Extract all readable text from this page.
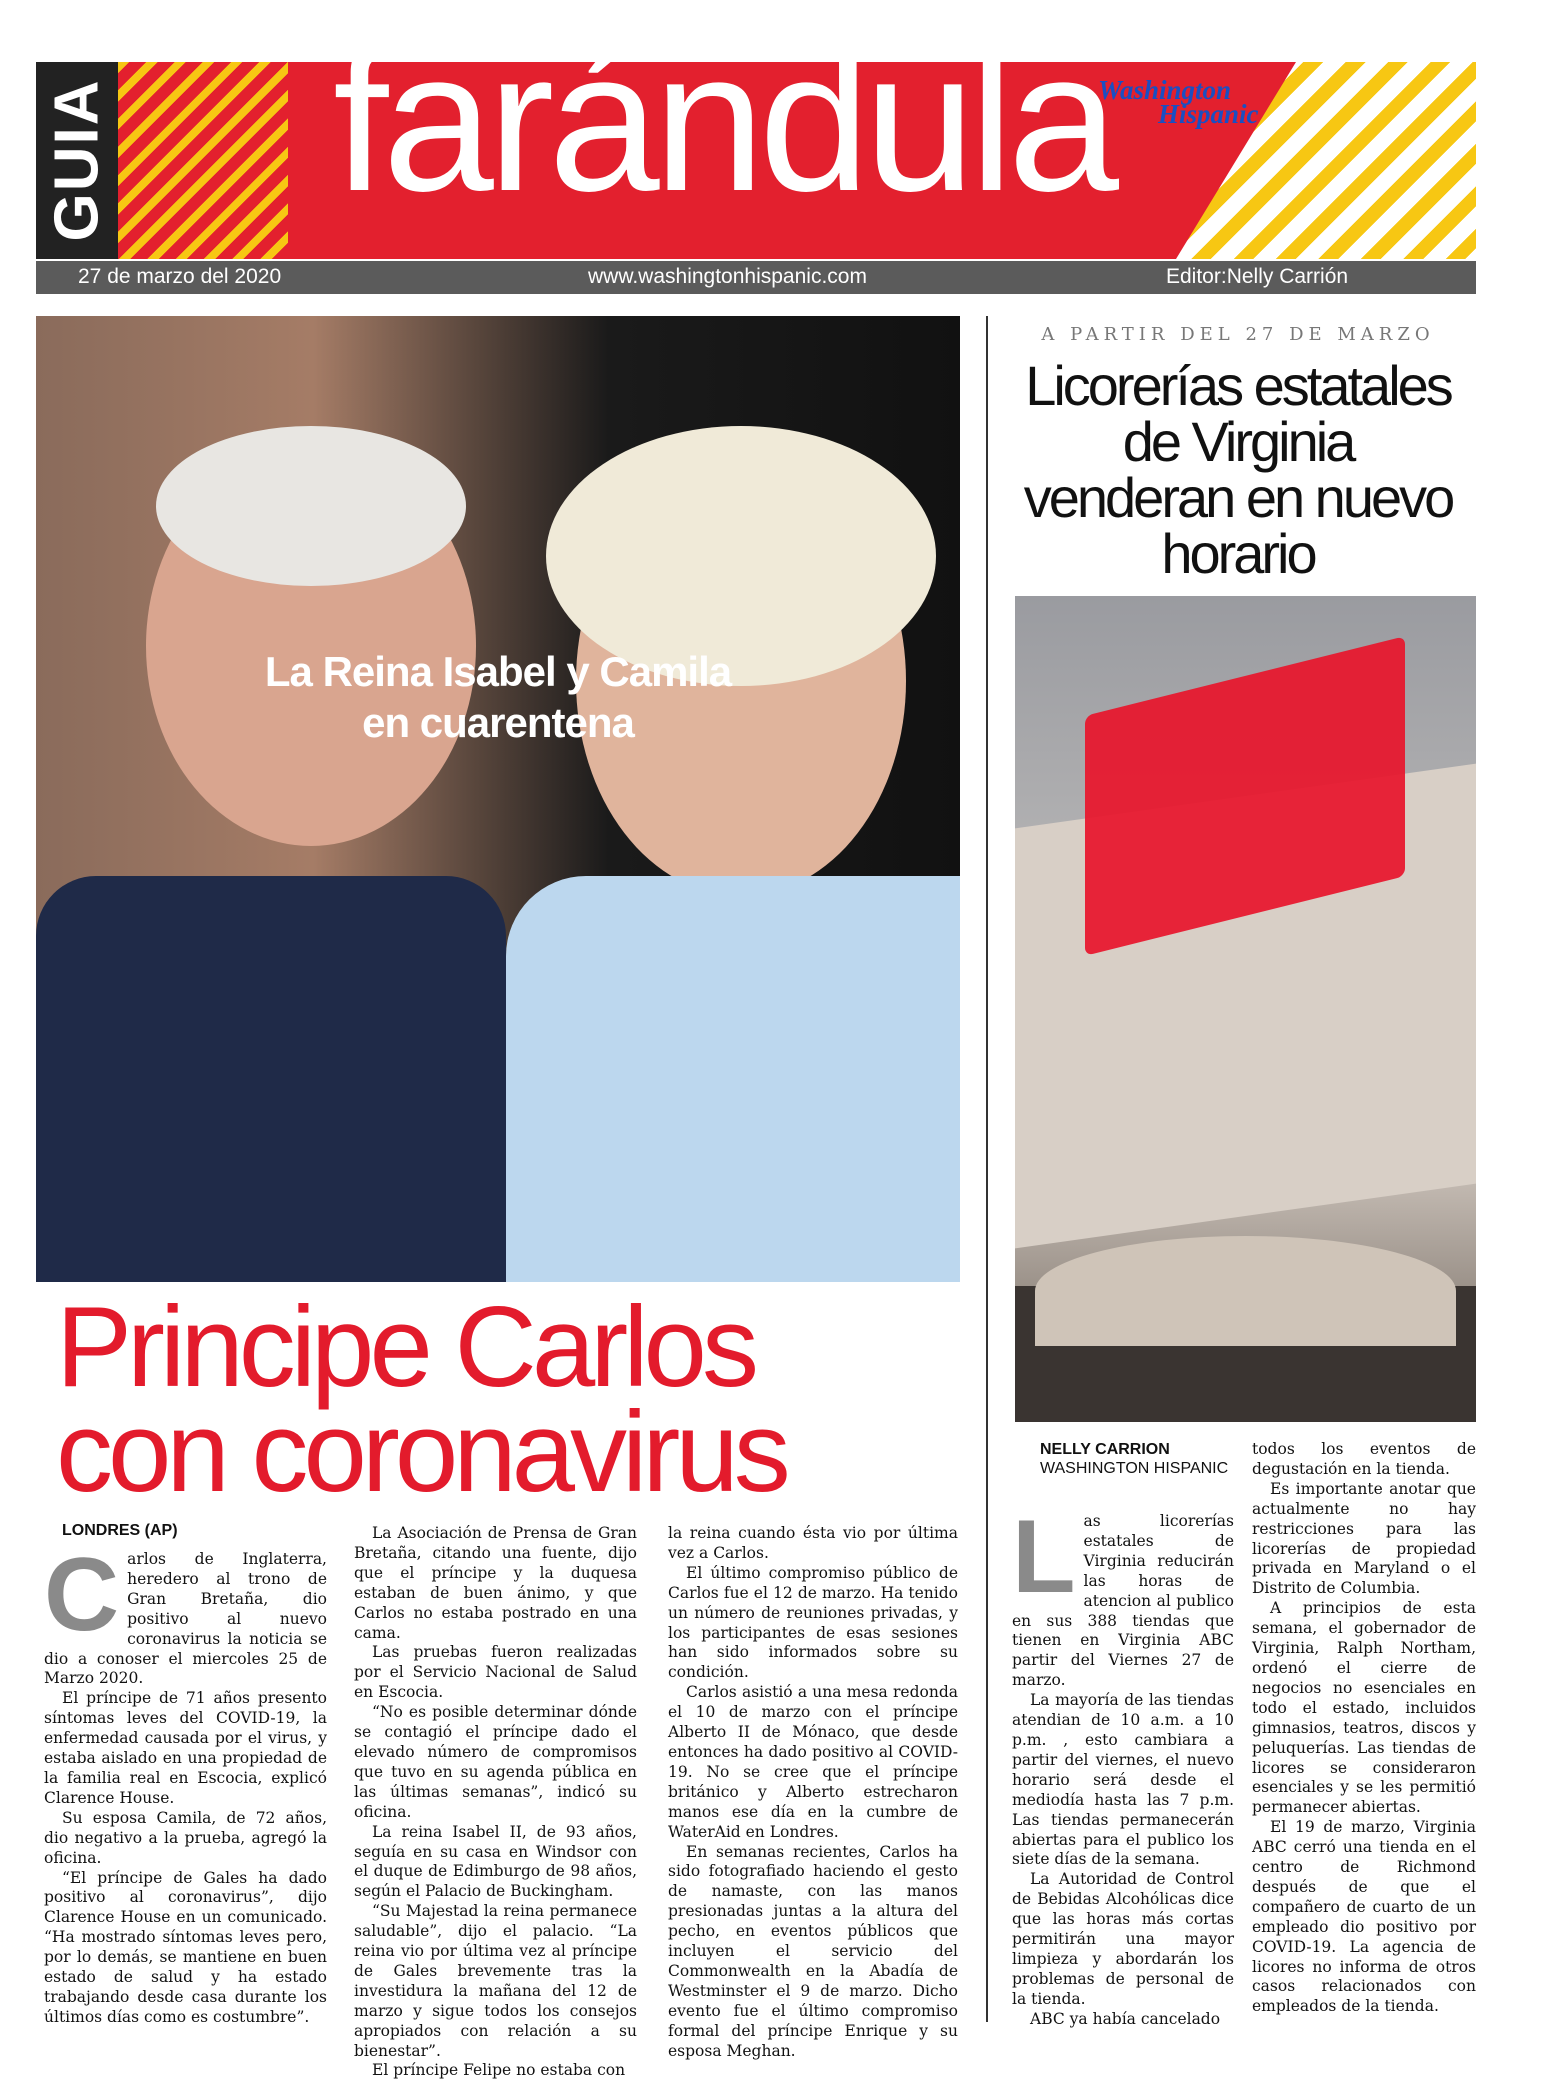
GUIA farándula
Washington
Hispanic
27 de marzo del 2020	www.washingtonhispanic.com	Editor:Nelly Carrión
La Reina Isabel y Camila
en cuarentena
Principe Carlos
con coronavirus
LONDRES (AP)

Carlos de Inglaterra, heredero al trono de Gran Bretaña, dio positivo al nuevo coronavirus la noticia se dio a conoser el miercoles 25 de Marzo 2020.

El príncipe de 71 años presento síntomas leves del COVID-19, la enfermedad causada por el virus, y estaba aislado en una propiedad de la familia real en Escocia, explicó Clarence House.

Su esposa Camila, de 72 años, dio negativo a la prueba, agregó la oficina.

“El príncipe de Gales ha dado positivo al coronavirus”, dijo Clarence House en un comunicado. “Ha mostrado síntomas leves pero, por lo demás, se mantiene en buen estado de salud y ha estado trabajando desde casa durante los últimos días como es costumbre”.

La Asociación de Prensa de Gran Bretaña, citando una fuente, dijo que el príncipe y la duquesa estaban de buen ánimo, y que Carlos no estaba postrado en una cama.

Las pruebas fueron realizadas por el Servicio Nacional de Salud en Escocia.

“No es posible determinar dónde se contagió el príncipe dado el elevado número de compromisos que tuvo en su agenda pública en las últimas semanas”, indicó su oficina.

La reina Isabel II, de 93 años, seguía en su casa en Windsor con el duque de Edimburgo de 98 años, según el Palacio de Buckingham.

“Su Majestad la reina permanece saludable”, dijo el palacio. “La reina vio por última vez al príncipe de Gales brevemente tras la investidura la mañana del 12 de marzo y sigue todos los consejos apropiados con relación a su bienestar”.

El príncipe Felipe no estaba con

la reina cuando ésta vio por última vez a Carlos.

El último compromiso público de Carlos fue el 12 de marzo. Ha tenido un número de reuniones privadas, y los participantes de esas sesiones han sido informados sobre su condición.

Carlos asistió a una mesa redonda el 10 de marzo con el príncipe Alberto II de Mónaco, que desde entonces ha dado positivo al COVID-19. No se cree que el príncipe británico y Alberto estrecharon manos ese día en la cumbre de WaterAid en Londres.

En semanas recientes, Carlos ha sido fotografiado haciendo el gesto de namaste, con las manos presionadas juntas a la altura del pecho, en eventos públicos que incluyen el servicio del Commonwealth en la Abadía de Westminster el 9 de marzo. Dicho evento fue el último compromiso formal del príncipe Enrique y su esposa Meghan.

A PARTIR DEL 27 DE MARZO
Licorerías estatales
de Virginia
venderan en nuevo
horario
NELLY CARRION
WASHINGTON HISPANIC

Las licorerías estatales de Virginia reducirán las horas de atencion al publico en sus 388 tiendas que tienen en Virginia ABC partir del Viernes 27 de marzo.

La mayoría de las tiendas atendian de 10 a.m. a 10 p.m. , esto cambiara a partir del viernes, el nuevo horario será desde el mediodía hasta las 7 p.m. Las tiendas permanecerán abiertas para el publico los siete días de la semana.

La Autoridad de Control de Bebidas Alcohólicas dice que las horas más cortas permitirán una mayor limpieza y abordarán los problemas de personal de la tienda.

ABC ya había cancelado

todos los eventos de degustación en la tienda.

Es importante anotar que actualmente no hay restricciones para las licorerías de propiedad privada en Maryland o el Distrito de Columbia.

A principios de esta semana, el gobernador de Virginia, Ralph Northam, ordenó el cierre de negocios no esenciales en todo el estado, incluidos gimnasios, teatros, discos y peluquerías. Las tiendas de licores se consideraron esenciales y se les permitió permanecer abiertas.

El 19 de marzo, Virginia ABC cerró una tienda en el centro de Richmond después de que el compañero de cuarto de un empleado dio positivo por COVID-19. La agencia de licores no informa de otros casos relacionados con empleados de la tienda.
